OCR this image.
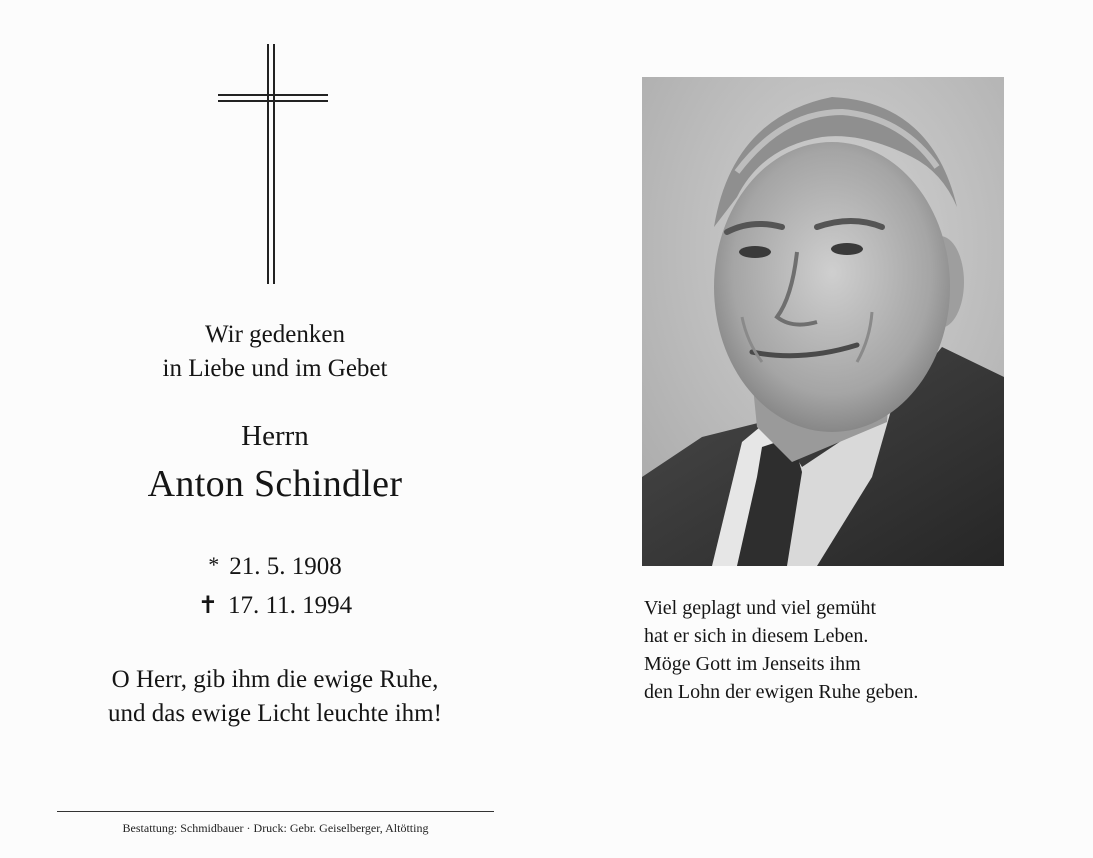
Wir gedenken
in Liebe und im Gebet
Herrn
Anton Schindler
* 21. 5. 1908
✝ 17. 11. 1994
O Herr, gib ihm die ewige Ruhe,
und das ewige Licht leuchte ihm!
Bestattung: Schmidbauer · Druck: Gebr. Geiselberger, Altötting
Viel geplagt und viel gemüht
hat er sich in diesem Leben.
Möge Gott im Jenseits ihm
den Lohn der ewigen Ruhe geben.
